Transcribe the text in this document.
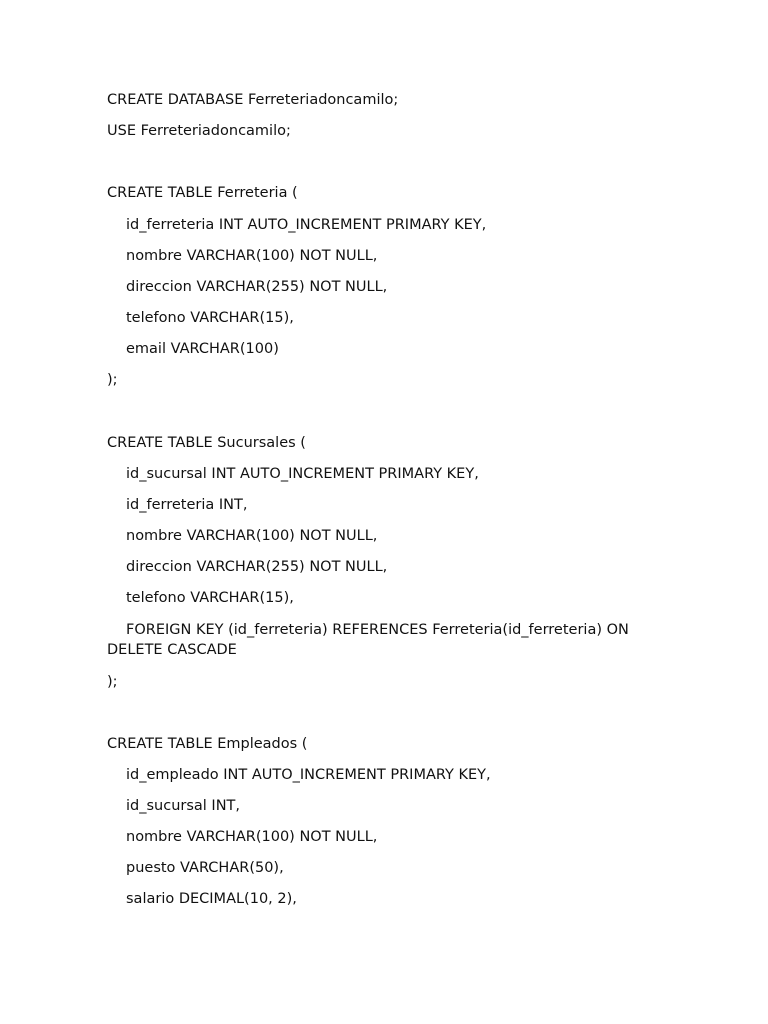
CREATE DATABASE Ferreteriadoncamilo;
USE Ferreteriadoncamilo;
CREATE TABLE Ferreteria (
id_ferreteria INT AUTO_INCREMENT PRIMARY KEY,
nombre VARCHAR(100) NOT NULL,
direccion VARCHAR(255) NOT NULL,
telefono VARCHAR(15),
email VARCHAR(100)
);
CREATE TABLE Sucursales (
id_sucursal INT AUTO_INCREMENT PRIMARY KEY,
id_ferreteria INT,
nombre VARCHAR(100) NOT NULL,
direccion VARCHAR(255) NOT NULL,
telefono VARCHAR(15),
FOREIGN KEY (id_ferreteria) REFERENCES Ferreteria(id_ferreteria) ON DELETE CASCADE
);
CREATE TABLE Empleados (
id_empleado INT AUTO_INCREMENT PRIMARY KEY,
id_sucursal INT,
nombre VARCHAR(100) NOT NULL,
puesto VARCHAR(50),
salario DECIMAL(10, 2),
